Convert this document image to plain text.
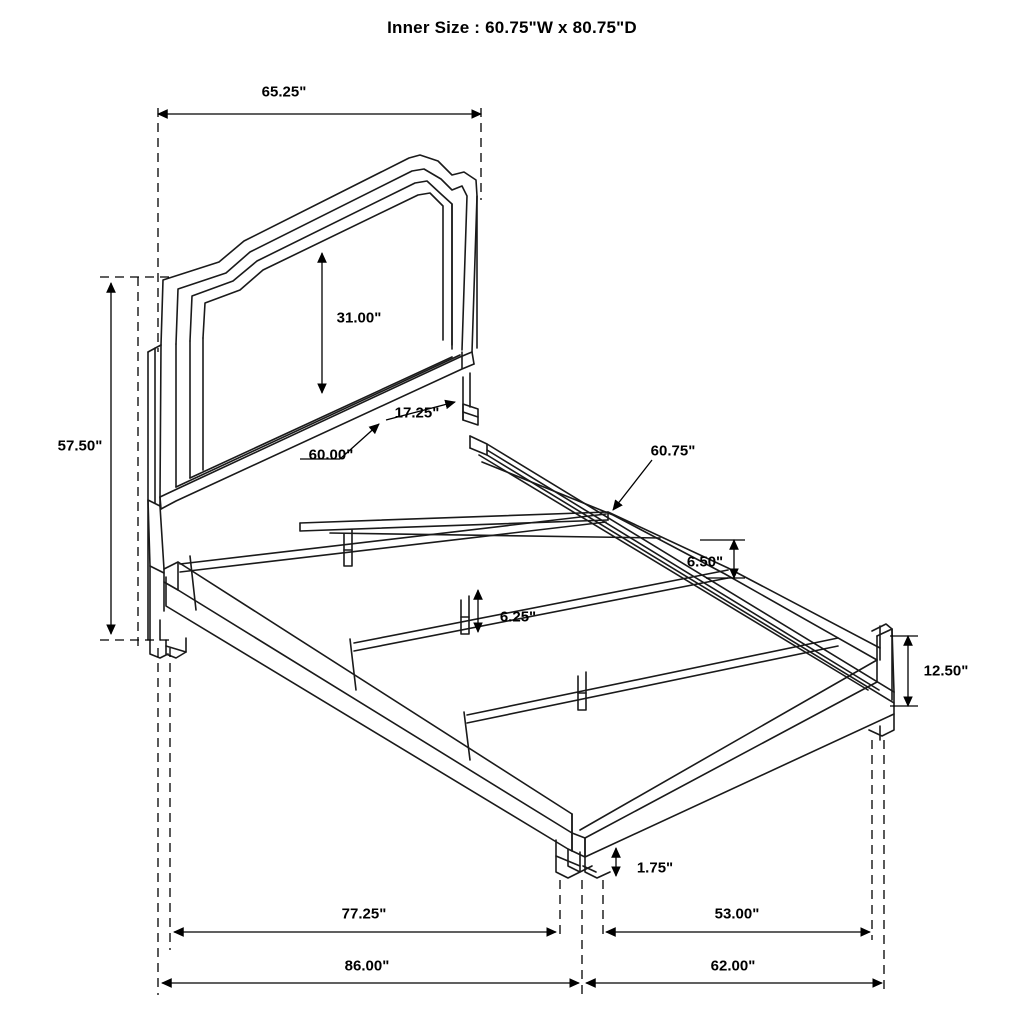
Inner Size : 60.75"W x 80.75"D
65.25"
31.00"
57.50"
17.25"
60.00"	60.75"
6.50"
6.25"
12.50"
1.75"
77.25"	53.00"
86.00"	62.00"
